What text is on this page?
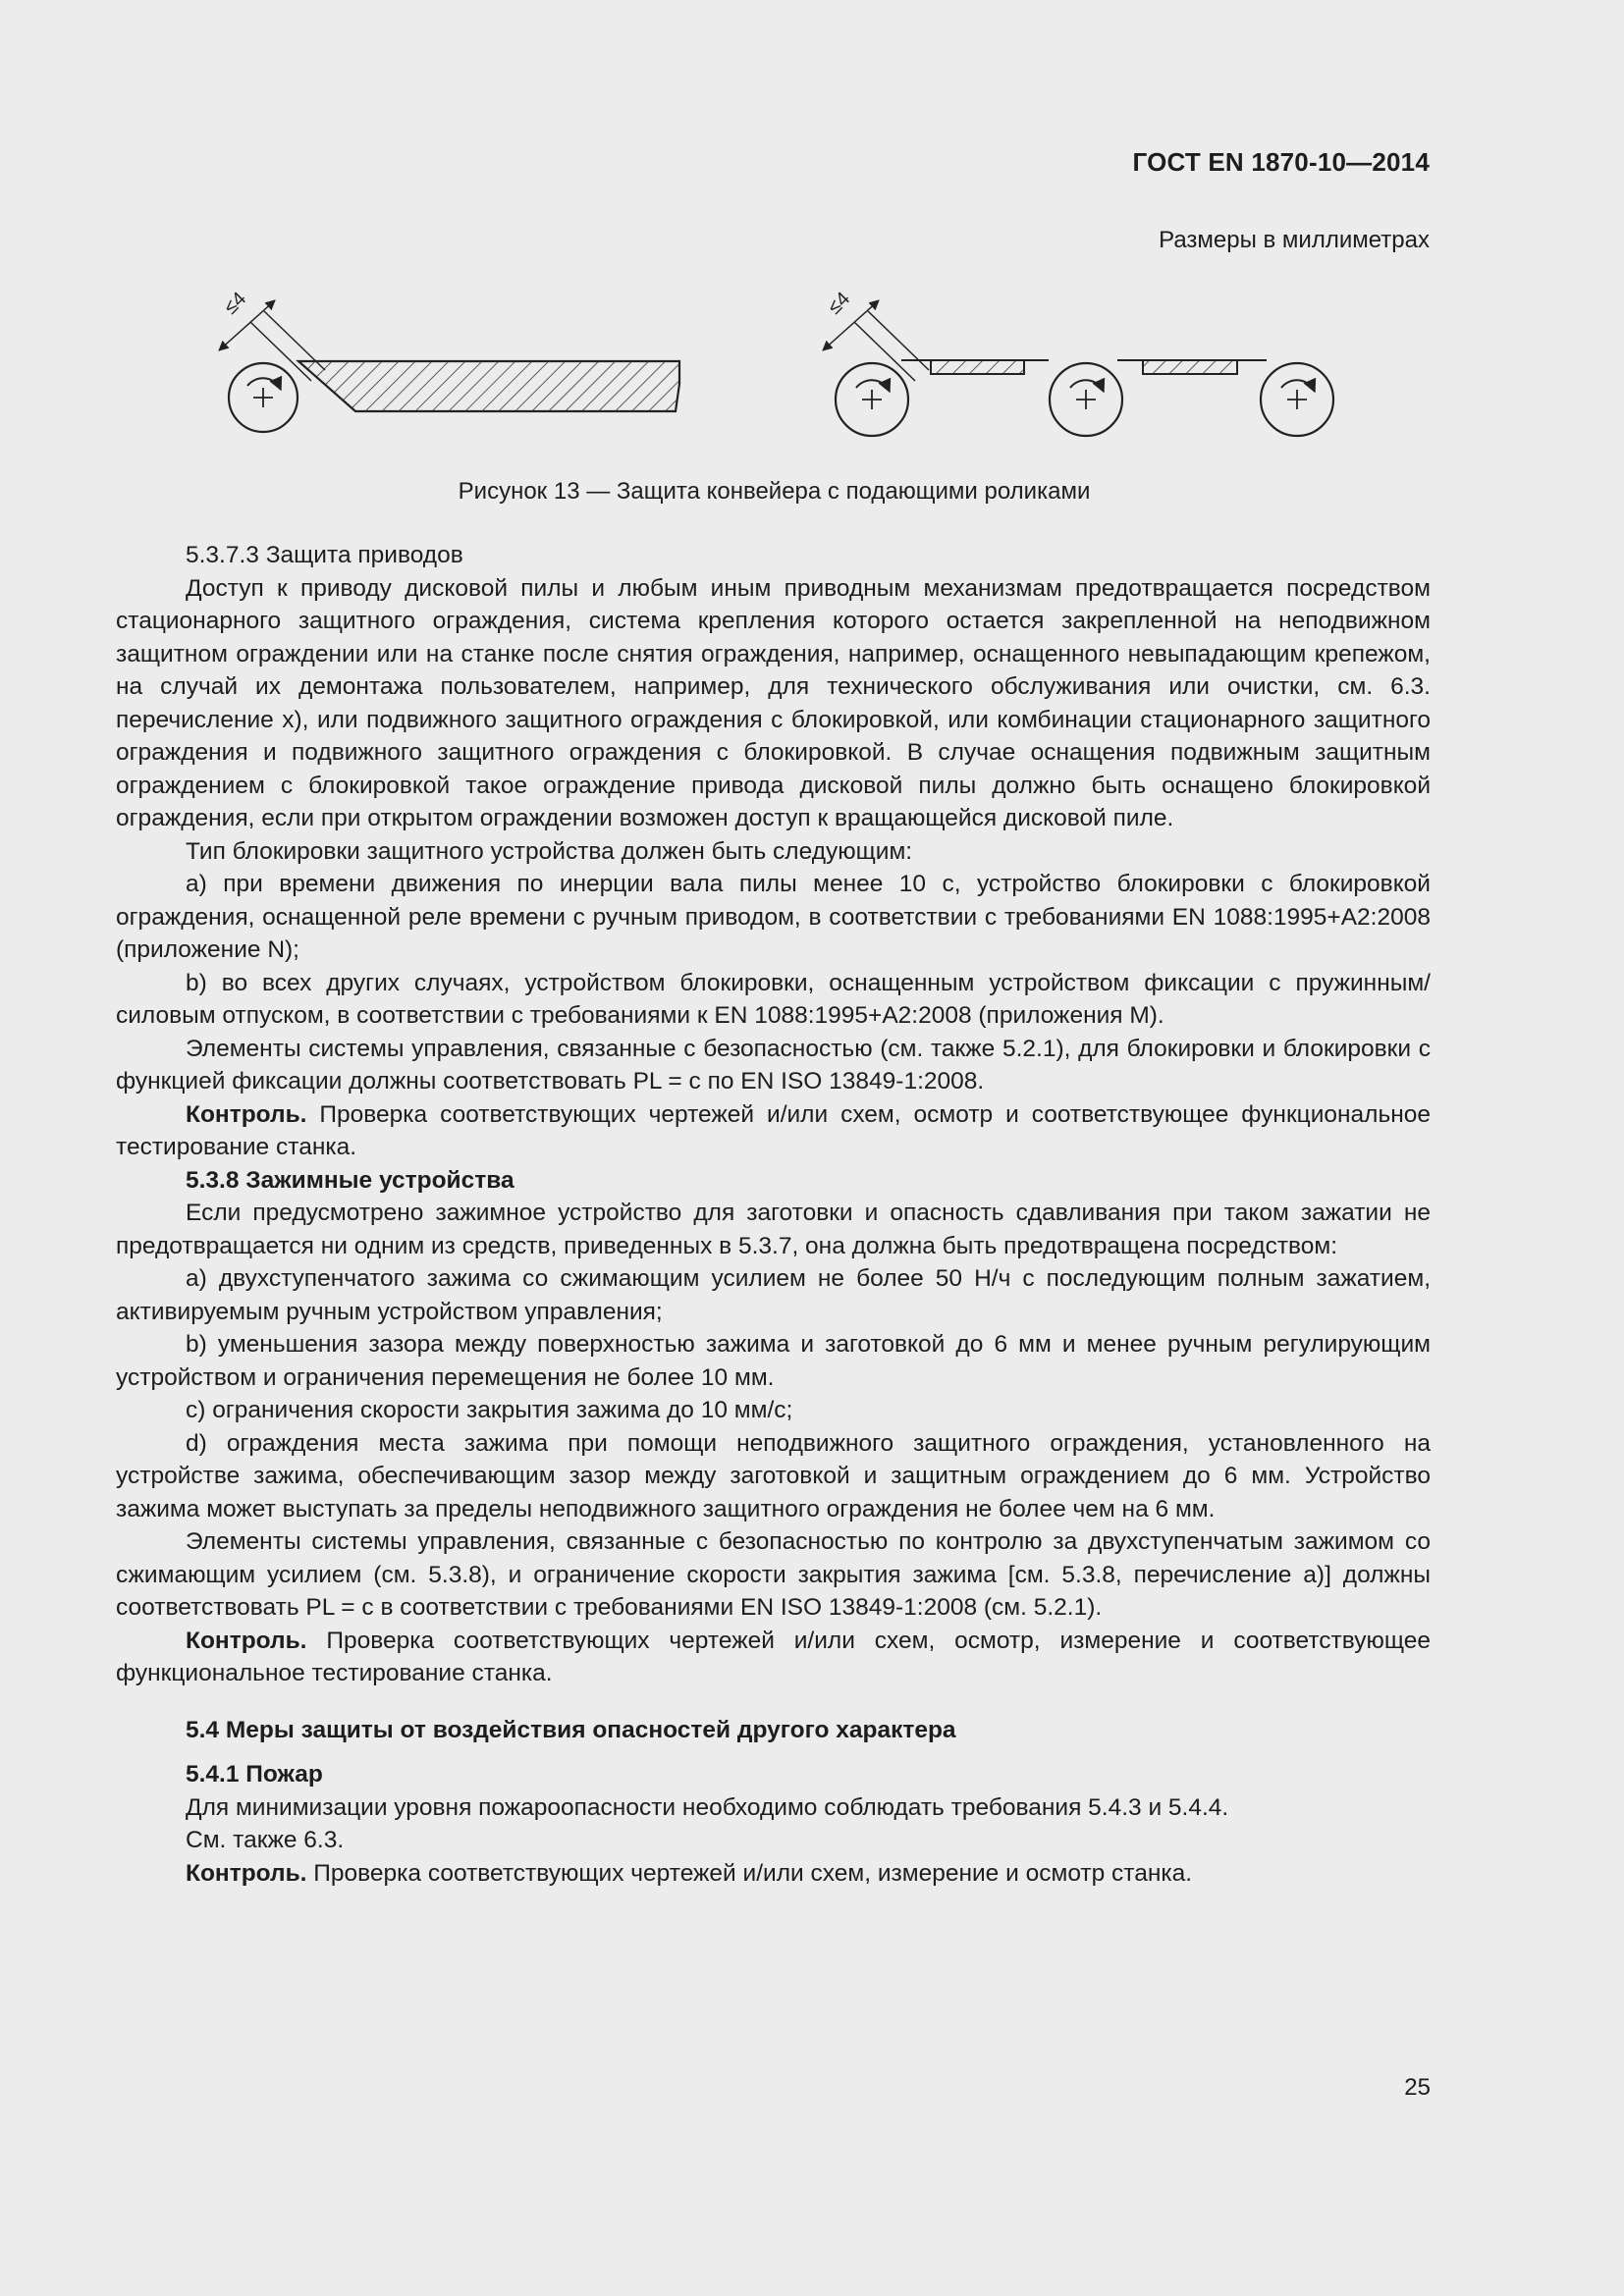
ГОСТ EN 1870-10—2014
Размеры в миллиметрах
≤4	≤4
Рисунок 13 — Защита конвейера с подающими роликами

5.3.7.3 Защита приводов

Доступ к приводу дисковой пилы и любым иным приводным механизмам предотвращается посредством стационарного защитного ограждения, система крепления которого остается закрепленной на неподвижном защитном ограждении или на станке после снятия ограждения, например, оснащенного невыпадающим крепежом, на случай их демонтажа пользователем, например, для технического обслуживания или очистки, см. 6.3. перечисление x), или подвижного защитного ограждения с блокировкой, или комбинации стационарного защитного ограждения и подвижного защитного ограждения с блокировкой. В случае оснащения подвижным защитным ограждением с блокировкой такое ограждение привода дисковой пилы должно быть оснащено блокировкой ограждения, если при открытом ограждении возможен доступ к вращающейся дисковой пиле.

Тип блокировки защитного устройства должен быть следующим:

a) при времени движения по инерции вала пилы менее 10 с, устройство блокировки с блокировкой ограждения, оснащенной реле времени с ручным приводом, в соответствии с требованиями EN 1088:1995+A2:2008 (приложение N);

b) во всех других случаях, устройством блокировки, оснащенным устройством фиксации с пружинным/силовым отпуском, в соответствии с требованиями к EN 1088:1995+A2:2008 (приложения M).

Элементы системы управления, связанные с безопасностью (см. также 5.2.1), для блокировки и блокировки с функцией фиксации должны соответствовать PL = c по EN ISO 13849-1:2008.

Контроль. Проверка соответствующих чертежей и/или схем, осмотр и соответствующее функциональное тестирование станка.

5.3.8 Зажимные устройства

Если предусмотрено зажимное устройство для заготовки и опасность сдавливания при таком зажатии не предотвращается ни одним из средств, приведенных в 5.3.7, она должна быть предотвращена посредством:

a) двухступенчатого зажима со сжимающим усилием не более 50 Н/ч с последующим полным зажатием, активируемым ручным устройством управления;

b) уменьшения зазора между поверхностью зажима и заготовкой до 6 мм и менее ручным регулирующим устройством и ограничения перемещения не более 10 мм.

c) ограничения скорости закрытия зажима до 10 мм/с;

d) ограждения места зажима при помощи неподвижного защитного ограждения, установленного на устройстве зажима, обеспечивающим зазор между заготовкой и защитным ограждением до 6 мм. Устройство зажима может выступать за пределы неподвижного защитного ограждения не более чем на 6 мм.

Элементы системы управления, связанные с безопасностью по контролю за двухступенчатым зажимом со сжимающим усилием (см. 5.3.8), и ограничение скорости закрытия зажима [см. 5.3.8, перечисление a)] должны соответствовать PL = c в соответствии с требованиями EN ISO 13849-1:2008 (см. 5.2.1).

Контроль. Проверка соответствующих чертежей и/или схем, осмотр, измерение и соответствующее функциональное тестирование станка.

5.4 Меры защиты от воздействия опасностей другого характера

5.4.1 Пожар

Для минимизации уровня пожароопасности необходимо соблюдать требования 5.4.3 и 5.4.4.

См. также 6.3.

Контроль. Проверка соответствующих чертежей и/или схем, измерение и осмотр станка.

25
